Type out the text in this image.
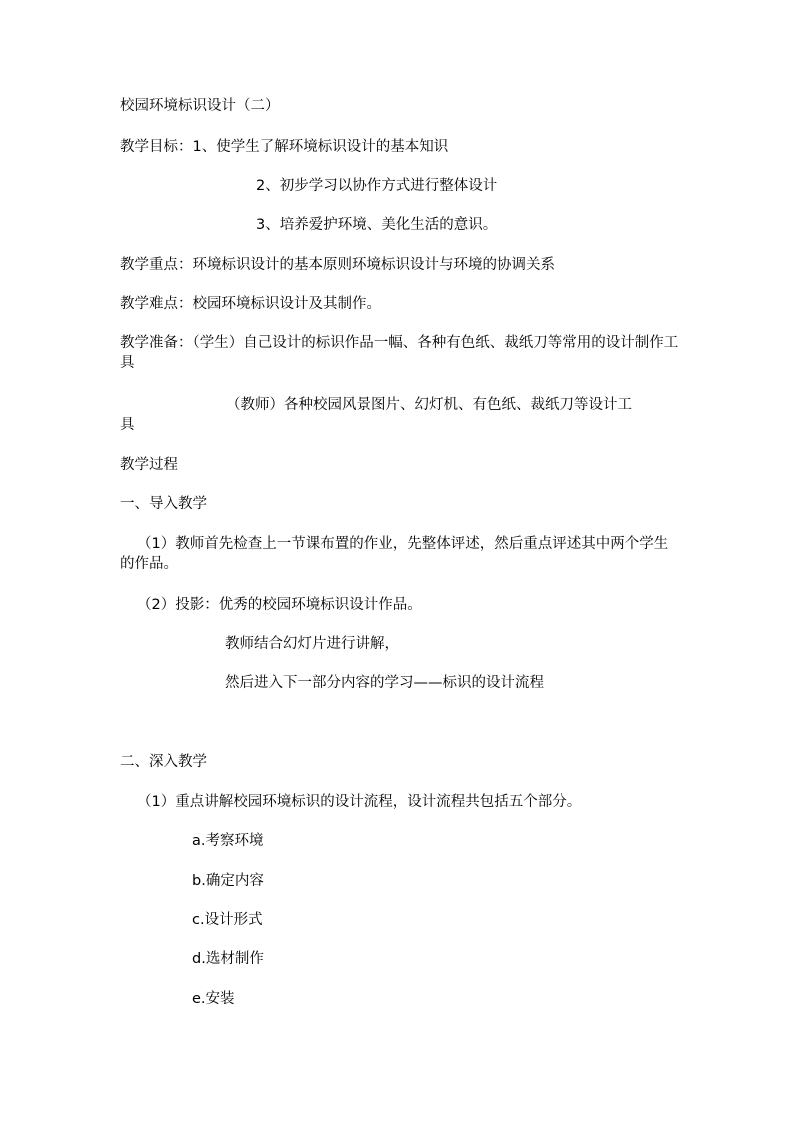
校园环境标识设计（二）
教学目标：1、使学生了解环境标识设计的基本知识
2、初步学习以协作方式进行整体设计
3、培养爱护环境、美化生活的意识。
教学重点：环境标识设计的基本原则环境标识设计与环境的协调关系
教学难点：校园环境标识设计及其制作。
教学准备：（学生）自己设计的标识作品一幅、各种有色纸、裁纸刀等常用的设计制作工具
（教师）各种校园风景图片、幻灯机、有色纸、裁纸刀等设计工
具
教学过程
一、导入教学
（1）教师首先检查上一节课布置的作业，先整体评述，然后重点评述其中两个学生的作品。
（2）投影：优秀的校园环境标识设计作品。
教师结合幻灯片进行讲解，
然后进入下一部分内容的学习——标识的设计流程
二、深入教学
（1）重点讲解校园环境标识的设计流程，设计流程共包括五个部分。
a.考察环境
b.确定内容
c.设计形式
d.选材制作
e.安装
